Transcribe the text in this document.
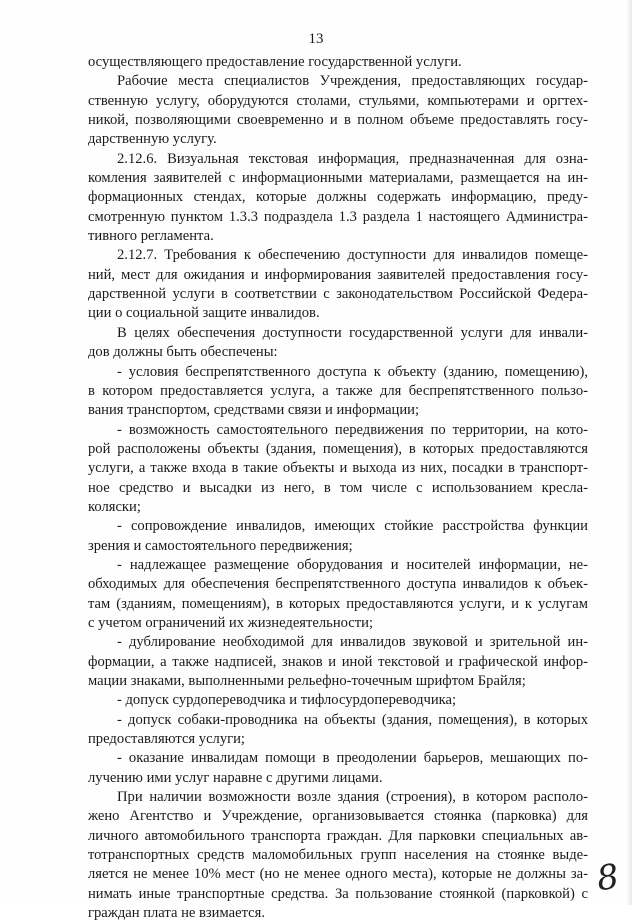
13
осуществляющего предоставление государственной услуги.
Рабочие места специалистов Учреждения, предоставляющих государ-
ственную услугу, оборудуются столами, стульями, компьютерами и оргтех-
никой, позволяющими своевременно и в полном объеме предоставлять госу-
дарственную услугу.
2.12.6. Визуальная текстовая информация, предназначенная для озна-
комления заявителей с информационными материалами, размещается на ин-
формационных стендах, которые должны содержать информацию, преду-
смотренную пунктом 1.3.3 подраздела 1.3 раздела 1 настоящего Администра-
тивного регламента.
2.12.7. Требования к обеспечению доступности для инвалидов помеще-
ний, мест для ожидания и информирования заявителей предоставления госу-
дарственной услуги в соответствии с законодательством Российской Федера-
ции о социальной защите инвалидов.
В целях обеспечения доступности государственной услуги для инвали-
дов должны быть обеспечены:
- условия беспрепятственного доступа к объекту (зданию, помещению),
в котором предоставляется услуга, а также для беспрепятственного пользо-
вания транспортом, средствами связи и информации;
- возможность самостоятельного передвижения по территории, на кото-
рой расположены объекты (здания, помещения), в которых предоставляются
услуги, а также входа в такие объекты и выхода из них, посадки в транспорт-
ное средство и высадки из него, в том числе с использованием кресла-
коляски;
- сопровождение инвалидов, имеющих стойкие расстройства функции
зрения и самостоятельного передвижения;
- надлежащее размещение оборудования и носителей информации, не-
обходимых для обеспечения беспрепятственного доступа инвалидов к объек-
там (зданиям, помещениям), в которых предоставляются услуги, и к услугам
с учетом ограничений их жизнедеятельности;
- дублирование необходимой для инвалидов звуковой и зрительной ин-
формации, а также надписей, знаков и иной текстовой и графической инфор-
мации знаками, выполненными рельефно-точечным шрифтом Брайля;
- допуск сурдопереводчика и тифлосурдопереводчика;
- допуск собаки-проводника на объекты (здания, помещения), в которых
предоставляются услуги;
- оказание инвалидам помощи в преодолении барьеров, мешающих по-
лучению ими услуг наравне с другими лицами.
При наличии возможности возле здания (строения), в котором располо-
жено Агентство и Учреждение, организовывается стоянка (парковка) для
личного автомобильного транспорта граждан. Для парковки специальных ав-
тотранспортных средств маломобильных групп населения на стоянке выде-
ляется не менее 10% мест (но не менее одного места), которые не должны за-
нимать иные транспортные средства. За пользование стоянкой (парковкой) с
граждан плата не взимается.
8
